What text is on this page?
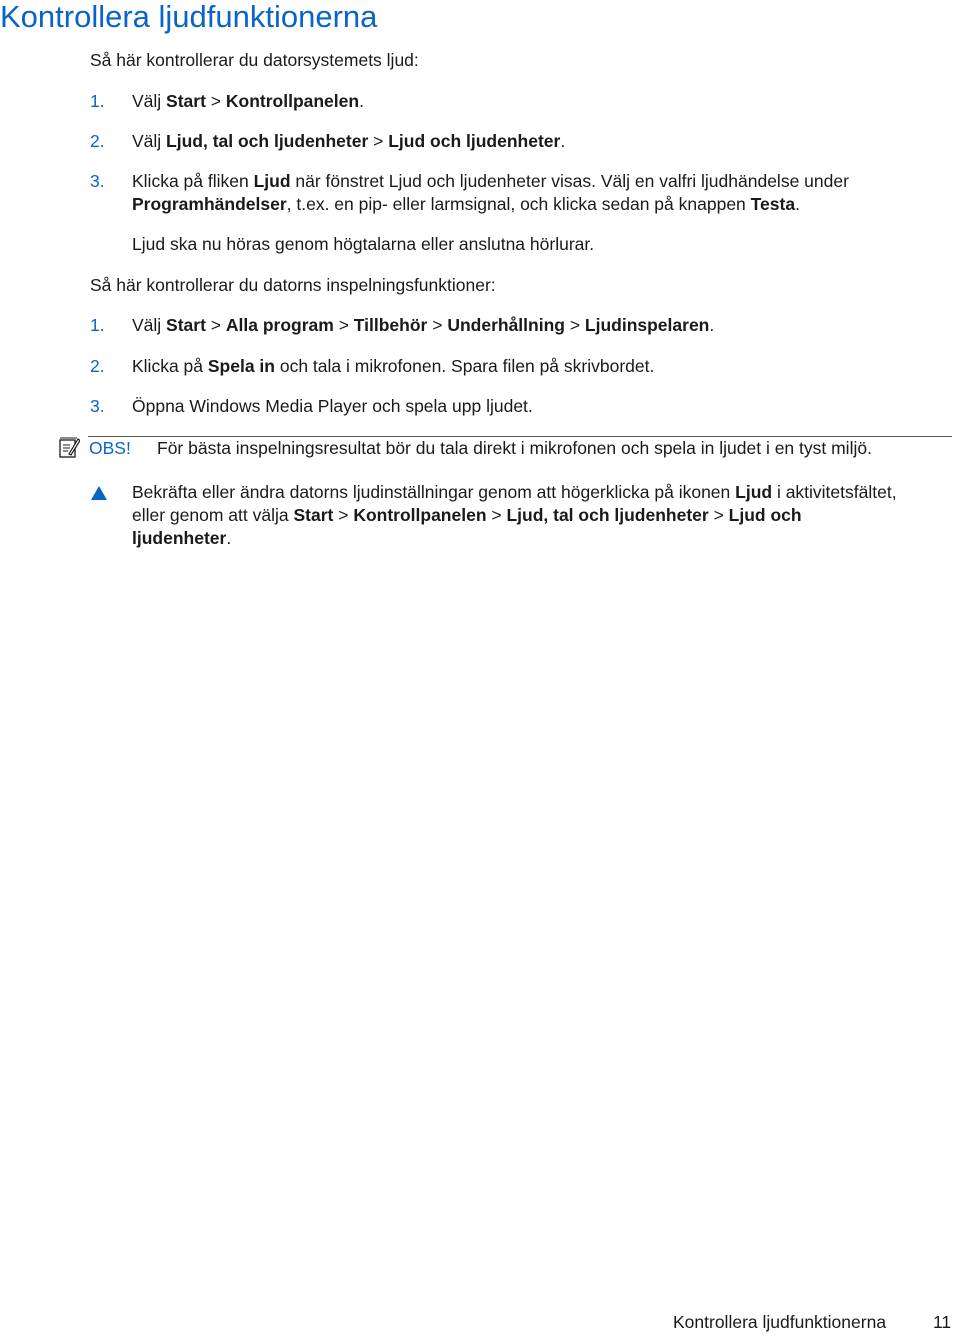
Kontrollera ljudfunktionerna
Så här kontrollerar du datorsystemets ljud:
1. Välj Start > Kontrollpanelen.
2. Välj Ljud, tal och ljudenheter > Ljud och ljudenheter.
3. Klicka på fliken Ljud när fönstret Ljud och ljudenheter visas. Välj en valfri ljudhändelse under
Programhändelser, t.ex. en pip- eller larmsignal, och klicka sedan på knappen Testa.
Ljud ska nu höras genom högtalarna eller anslutna hörlurar.
Så här kontrollerar du datorns inspelningsfunktioner:
1. Välj Start > Alla program > Tillbehör > Underhållning > Ljudinspelaren.
2. Klicka på Spela in och tala i mikrofonen. Spara filen på skrivbordet.
3. Öppna Windows Media Player och spela upp ljudet.
OBS! För bästa inspelningsresultat bör du tala direkt i mikrofonen och spela in ljudet i en tyst miljö.
Bekräfta eller ändra datorns ljudinställningar genom att högerklicka på ikonen Ljud i aktivitetsfältet,
eller genom att välja Start > Kontrollpanelen > Ljud, tal och ljudenheter > Ljud och
ljudenheter.
Kontrollera ljudfunktionerna	11
